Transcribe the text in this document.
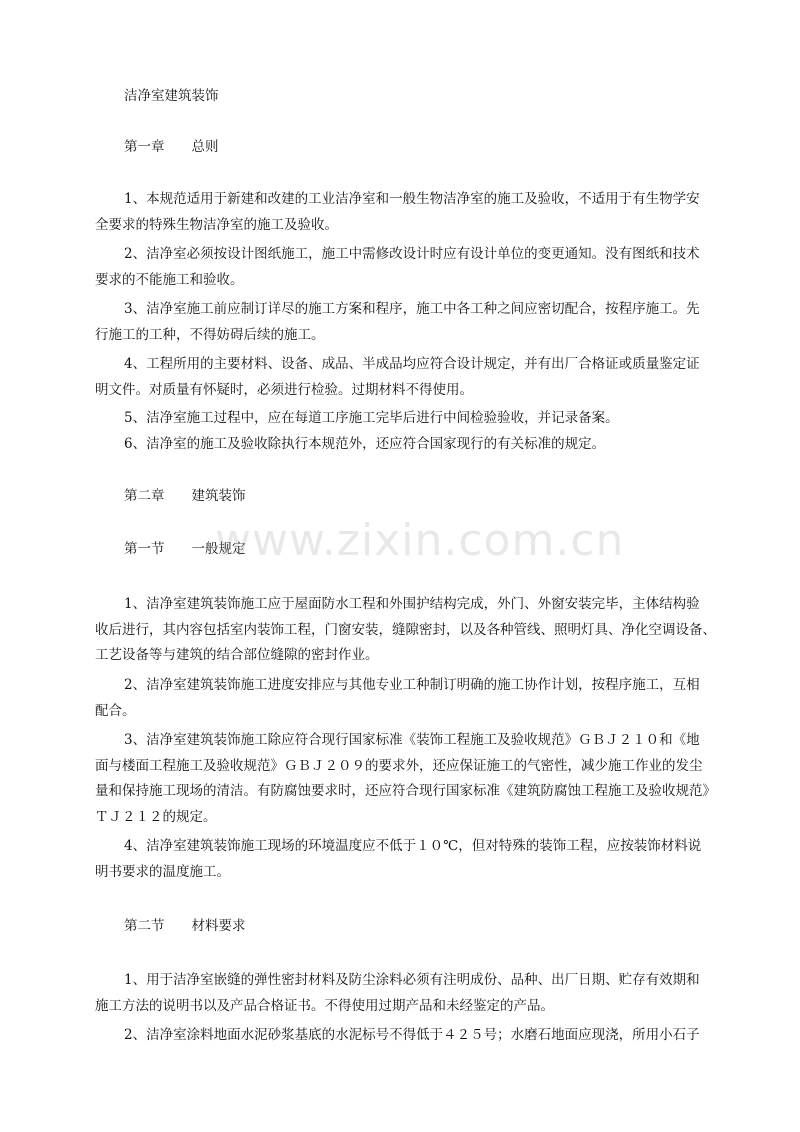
洁净室建筑装饰
第一章　　总则
1、本规范适用于新建和改建的工业洁净室和一般生物洁净室的施工及验收，不适用于有生物学安
全要求的特殊生物洁净室的施工及验收。
2、洁净室必须按设计图纸施工，施工中需修改设计时应有设计单位的变更通知。没有图纸和技术
要求的不能施工和验收。
3、洁净室施工前应制订详尽的施工方案和程序，施工中各工种之间应密切配合，按程序施工。先
行施工的工种，不得妨碍后续的施工。
4、工程所用的主要材料、设备、成品、半成品均应符合设计规定，并有出厂合格证或质量鉴定证
明文件。对质量有怀疑时，必须进行检验。过期材料不得使用。
5、洁净室施工过程中，应在每道工序施工完毕后进行中间检验验收，并记录备案。
6、洁净室的施工及验收除执行本规范外，还应符合国家现行的有关标准的规定。
第二章　　建筑装饰
第一节　　一般规定
1、洁净室建筑装饰施工应于屋面防水工程和外围护结构完成，外门、外窗安装完毕，主体结构验
收后进行，其内容包括室内装饰工程，门窗安装，缝隙密封，以及各种管线、照明灯具、净化空调设备、
工艺设备等与建筑的结合部位缝隙的密封作业。
2、洁净室建筑装饰施工进度安排应与其他专业工种制订明确的施工协作计划，按程序施工，互相
配合。
3、洁净室建筑装饰施工除应符合现行国家标准《装饰工程施工及验收规范》ＧＢＪ２１０和《地
面与楼面工程施工及验收规范》ＧＢＪ２０９的要求外，还应保证施工的气密性，减少施工作业的发尘
量和保持施工现场的清洁。有防腐蚀要求时，还应符合现行国家标准《建筑防腐蚀工程施工及验收规范》
ＴＪ２１２的规定。
4、洁净室建筑装饰施工现场的环境温度应不低于１０℃，但对特殊的装饰工程，应按装饰材料说
明书要求的温度施工。
第二节　　材料要求
1、用于洁净室嵌缝的弹性密封材料及防尘涂料必须有注明成份、品种、出厂日期、贮存有效期和
施工方法的说明书以及产品合格证书。不得使用过期产品和未经鉴定的产品。
2、洁净室涂料地面水泥砂浆基底的水泥标号不得低于４２５号；水磨石地面应现浇，所用小石子
www.zixin.com.cn
